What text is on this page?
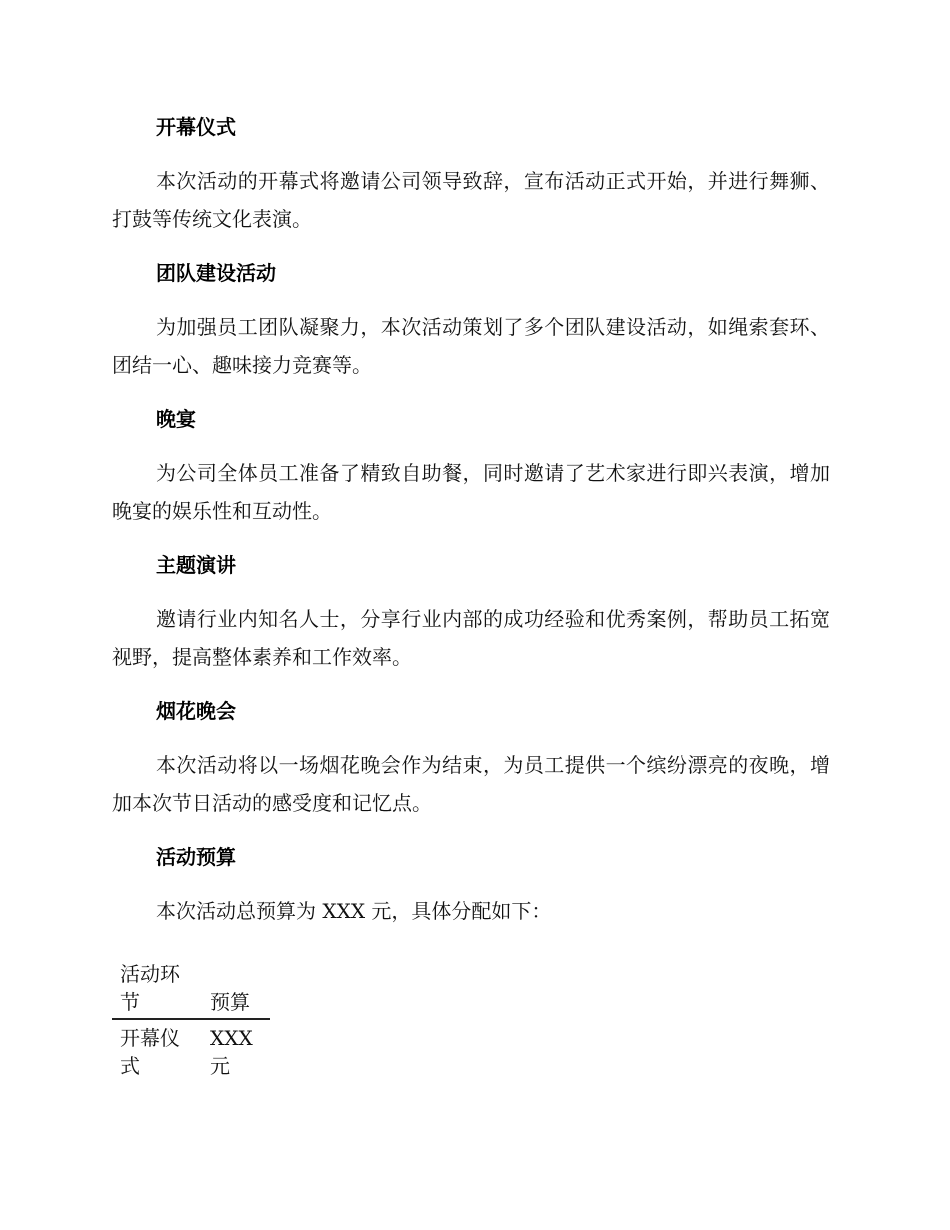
开幕仪式

本次活动的开幕式将邀请公司领导致辞，宣布活动正式开始，并进行舞狮、打鼓等传统文化表演。

团队建设活动

为加强员工团队凝聚力，本次活动策划了多个团队建设活动，如绳索套环、团结一心、趣味接力竞赛等。

晚宴

为公司全体员工准备了精致自助餐，同时邀请了艺术家进行即兴表演，增加晚宴的娱乐性和互动性。

主题演讲

邀请行业内知名人士，分享行业内部的成功经验和优秀案例，帮助员工拓宽视野，提高整体素养和工作效率。

烟花晚会

本次活动将以一场烟花晚会作为结束，为员工提供一个缤纷漂亮的夜晚，增加本次节日活动的感受度和记忆点。

活动预算

本次活动总预算为 XXX 元，具体分配如下：

活动环节	预算
开幕仪式	XXX 元
